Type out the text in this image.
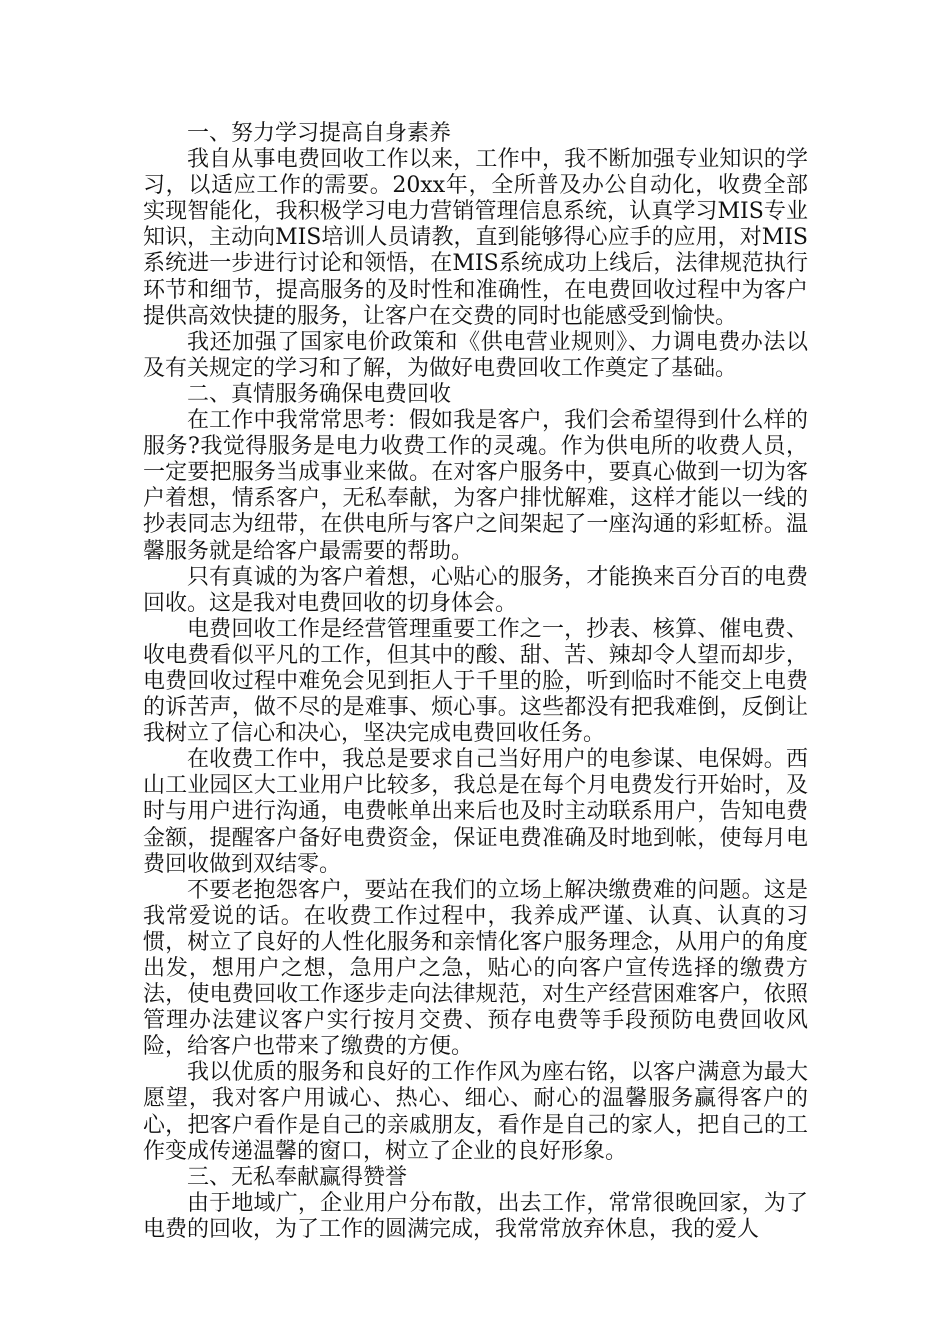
一、努力学习提高自身素养

我自从事电费回收工作以来，工作中，我不断加强专业知识的学习，以适应工作的需要。20xx年，全所普及办公自动化，收费全部实现智能化，我积极学习电力营销管理信息系统，认真学习MIS专业知识，主动向MIS培训人员请教，直到能够得心应手的应用，对MIS系统进一步进行讨论和领悟，在MIS系统成功上线后，法律规范执行环节和细节，提高服务的及时性和准确性，在电费回收过程中为客户提供高效快捷的服务，让客户在交费的同时也能感受到愉快。

我还加强了国家电价政策和《供电营业规则》、力调电费办法以及有关规定的学习和了解，为做好电费回收工作奠定了基础。

二、真情服务确保电费回收

在工作中我常常思考：假如我是客户，我们会希望得到什么样的服务?我觉得服务是电力收费工作的灵魂。作为供电所的收费人员，一定要把服务当成事业来做。在对客户服务中，要真心做到一切为客户着想，情系客户，无私奉献，为客户排忧解难，这样才能以一线的抄表同志为纽带，在供电所与客户之间架起了一座沟通的彩虹桥。温馨服务就是给客户最需要的帮助。

只有真诚的为客户着想，心贴心的服务，才能换来百分百的电费回收。这是我对电费回收的切身体会。

电费回收工作是经营管理重要工作之一，抄表、核算、催电费、收电费看似平凡的工作，但其中的酸、甜、苦、辣却令人望而却步，电费回收过程中难免会见到拒人于千里的脸，听到临时不能交上电费的诉苦声，做不尽的是难事、烦心事。这些都没有把我难倒，反倒让我树立了信心和决心，坚决完成电费回收任务。

在收费工作中，我总是要求自己当好用户的电参谋、电保姆。西山工业园区大工业用户比较多，我总是在每个月电费发行开始时，及时与用户进行沟通，电费帐单出来后也及时主动联系用户，告知电费金额，提醒客户备好电费资金，保证电费准确及时地到帐，使每月电费回收做到双结零。

不要老抱怨客户，要站在我们的立场上解决缴费难的问题。这是我常爱说的话。在收费工作过程中，我养成严谨、认真、认真的习惯，树立了良好的人性化服务和亲情化客户服务理念，从用户的角度出发，想用户之想，急用户之急，贴心的向客户宣传选择的缴费方法，使电费回收工作逐步走向法律规范，对生产经营困难客户，依照管理办法建议客户实行按月交费、预存电费等手段预防电费回收风险，给客户也带来了缴费的方便。

我以优质的服务和良好的工作作风为座右铭，以客户满意为最大愿望，我对客户用诚心、热心、细心、耐心的温馨服务赢得客户的心，把客户看作是自己的亲戚朋友，看作是自己的家人，把自己的工作变成传递温馨的窗口，树立了企业的良好形象。

三、无私奉献赢得赞誉

由于地域广，企业用户分布散，出去工作，常常很晚回家，为了电费的回收，为了工作的圆满完成，我常常放弃休息，我的爱人
